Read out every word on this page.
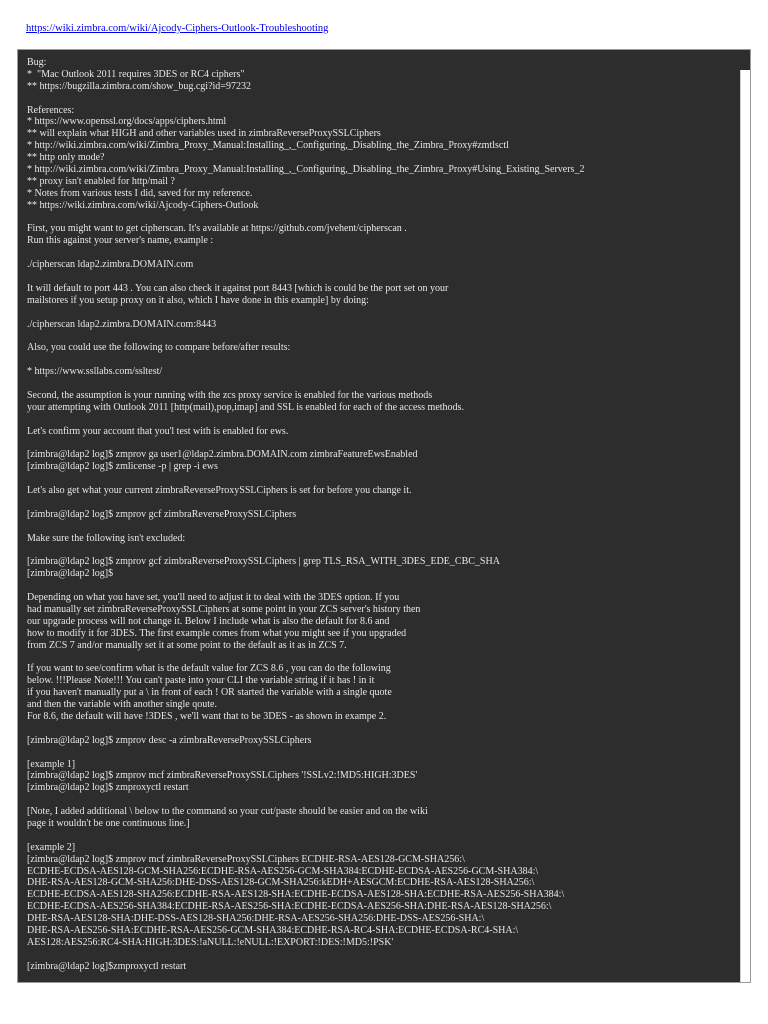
https://wiki.zimbra.com/wiki/Ajcody-Ciphers-Outlook-Troubleshooting
Bug:
*  "Mac Outlook 2011 requires 3DES or RC4 ciphers"
** https://bugzilla.zimbra.com/show_bug.cgi?id=97232
References:
* https://www.openssl.org/docs/apps/ciphers.html
** will explain what HIGH and other variables used in zimbraReverseProxySSLCiphers
* http://wiki.zimbra.com/wiki/Zimbra_Proxy_Manual:Installing_,_Configuring,_Disabling_the_Zimbra_Proxy#zmtlsctl
** http only mode?
* http://wiki.zimbra.com/wiki/Zimbra_Proxy_Manual:Installing_,_Configuring,_Disabling_the_Zimbra_Proxy#Using_Existing_Servers_2
** proxy isn't enabled for http/mail ?
* Notes from various tests I did, saved for my reference.
** https://wiki.zimbra.com/wiki/Ajcody-Ciphers-Outlook
First, you might want to get cipherscan. It's available at https://github.com/jvehent/cipherscan .
Run this against your server's name, example :
./cipherscan ldap2.zimbra.DOMAIN.com
It will default to port 443 . You can also check it against port 8443 [which is could be the port set on your
mailstores if you setup proxy on it also, which I have done in this example] by doing:
./cipherscan ldap2.zimbra.DOMAIN.com:8443
Also, you could use the following to compare before/after results:
* https://www.ssllabs.com/ssltest/
Second, the assumption is your running with the zcs proxy service is enabled for the various methods
your attempting with Outlook 2011 [http(mail),pop,imap] and SSL is enabled for each of the access methods.
Let's confirm your account that you'l test with is enabled for ews.
[zimbra@ldap2 log]$ zmprov ga user1@ldap2.zimbra.DOMAIN.com zimbraFeatureEwsEnabled
[zimbra@ldap2 log]$ zmlicense -p | grep -i ews
Let's also get what your current zimbraReverseProxySSLCiphers is set for before you change it.
[zimbra@ldap2 log]$ zmprov gcf zimbraReverseProxySSLCiphers
Make sure the following isn't excluded:
[zimbra@ldap2 log]$ zmprov gcf zimbraReverseProxySSLCiphers | grep TLS_RSA_WITH_3DES_EDE_CBC_SHA
[zimbra@ldap2 log]$
Depending on what you have set, you'll need to adjust it to deal with the 3DES option. If you
had manually set zimbraReverseProxySSLCiphers at some point in your ZCS server's history then
our upgrade process will not change it. Below I include what is also the default for 8.6 and
how to modify it for 3DES. The first example comes from what you might see if you upgraded
from ZCS 7 and/or manually set it at some point to the default as it as in ZCS 7.
If you want to see/confirm what is the default value for ZCS 8.6 , you can do the following
below. !!!Please Note!!! You can't paste into your CLI the variable string if it has ! in it
if you haven't manually put a \ in front of each ! OR started the variable with a single quote
and then the variable with another single qoute.
For 8.6, the default will have !3DES , we'll want that to be 3DES - as shown in exampe 2.
[zimbra@ldap2 log]$ zmprov desc -a zimbraReverseProxySSLCiphers
[example 1]
[zimbra@ldap2 log]$ zmprov mcf zimbraReverseProxySSLCiphers '!SSLv2:!MD5:HIGH:3DES'
[zimbra@ldap2 log]$ zmproxyctl restart
[Note, I added additional \ below to the command so your cut/paste should be easier and on the wiki
page it wouldn't be one continuous line.]
[example 2]
[zimbra@ldap2 log]$ zmprov mcf zimbraReverseProxySSLCiphers ECDHE-RSA-AES128-GCM-SHA256:\
ECDHE-ECDSA-AES128-GCM-SHA256:ECDHE-RSA-AES256-GCM-SHA384:ECDHE-ECDSA-AES256-GCM-SHA384:\
DHE-RSA-AES128-GCM-SHA256:DHE-DSS-AES128-GCM-SHA256:kEDH+AESGCM:ECDHE-RSA-AES128-SHA256:\
ECDHE-ECDSA-AES128-SHA256:ECDHE-RSA-AES128-SHA:ECDHE-ECDSA-AES128-SHA:ECDHE-RSA-AES256-SHA384:\
ECDHE-ECDSA-AES256-SHA384:ECDHE-RSA-AES256-SHA:ECDHE-ECDSA-AES256-SHA:DHE-RSA-AES128-SHA256:\
DHE-RSA-AES128-SHA:DHE-DSS-AES128-SHA256:DHE-RSA-AES256-SHA256:DHE-DSS-AES256-SHA:\
DHE-RSA-AES256-SHA:ECDHE-RSA-AES256-GCM-SHA384:ECDHE-RSA-RC4-SHA:ECDHE-ECDSA-RC4-SHA:\
AES128:AES256:RC4-SHA:HIGH:3DES:!aNULL:!eNULL:!EXPORT:!DES:!MD5:!PSK'
[zimbra@ldap2 log]$zmproxyctl restart
